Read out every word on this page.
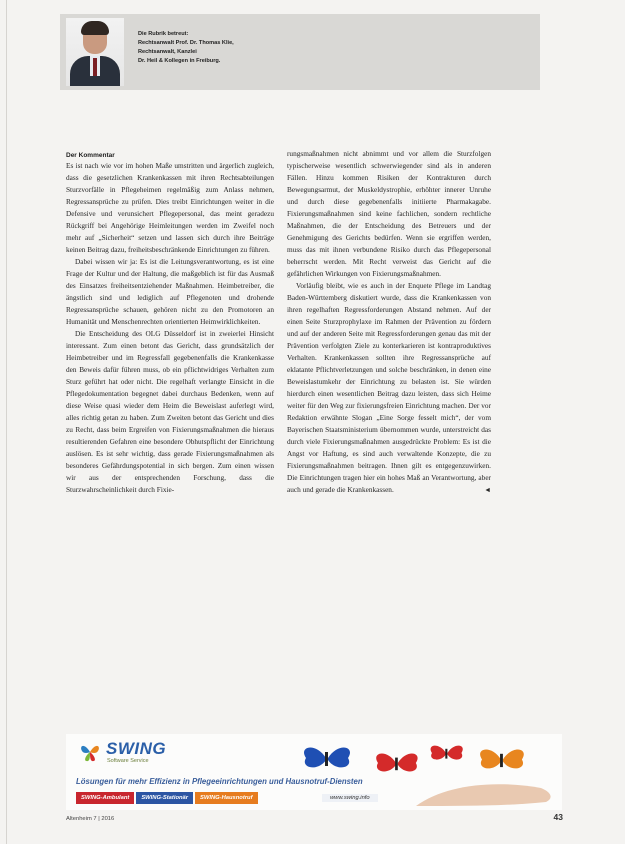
Die Rubrik betreut:
Rechtsanwalt Prof. Dr. Thomas Klie,
Rechtsanwalt, Kanzlei
Dr. Heil & Kollegen in Freiburg.
Der Kommentar

Es ist nach wie vor im hohen Maße umstritten und ärgerlich zugleich, dass die gesetzlichen Krankenkassen mit ihren Rechtsabteilungen Sturzvorfälle in Pflegeheimen regelmäßig zum Anlass nehmen, Regressansprüche zu prüfen. Dies treibt Einrichtungen weiter in die Defensive und verunsichert Pflegepersonal, das meint geradezu Rückgriff bei Angehörige Heimleitungen werden im Zweifel noch mehr auf „Sicherheit“ setzen und lassen sich durch ihre Beiträge keinen Beitrag dazu, freiheitsbeschränkende Einrichtungen zu führen.

Dabei wissen wir ja: Es ist die Leitungsverantwortung, es ist eine Frage der Kultur und der Haltung, die maßgeblich ist für das Ausmaß des Einsatzes freiheitsentziehender Maßnahmen. Heimbetreiber, die ängstlich sind und lediglich auf Pflegenoten und drohende Regressansprüche schauen, gehören nicht zu den Promotoren an Humanität und Menschenrechten orientierten Heimwirklichkeiten.

Die Entscheidung des OLG Düsseldorf ist in zweierlei Hinsicht interessant. Zum einen betont das Gericht, dass grundsätzlich der Heimbetreiber und im Regressfall gegebenenfalls die Krankenkasse den Beweis dafür führen muss, ob ein pflichtwidriges Verhalten zum Sturz geführt hat oder nicht. Die regelhaft verlangte Einsicht in die Pflegedokumentation begegnet dabei durchaus Bedenken, wenn auf diese Weise quasi wieder dem Heim die Beweislast auferlegt wird, alles richtig getan zu haben. Zum Zweiten betont das Gericht und dies zu Recht, dass beim Ergreifen von Fixierungsmaßnahmen die hieraus resultierenden Gefahren eine besondere Obhutspflicht der Einrichtung auslösen. Es ist sehr wichtig, dass gerade Fixierungsmaßnahmen als besonderes Gefährdungspotential in sich bergen. Zum einen wissen wir aus der entsprechenden Forschung, dass die Sturzwahrscheinlichkeit durch Fixie-

rungsmaßnahmen nicht abnimmt und vor allem die Sturzfolgen typischerweise wesentlich schwerwiegender sind als in anderen Fällen. Hinzu kommen Risiken der Kontrakturen durch Bewegungsarmut, der Muskeldystrophie, erhöhter innerer Unruhe und durch diese gegebenenfalls initiierte Pharmakagabe. Fixierungsmaßnahmen sind keine fachlichen, sondern rechtliche Maßnahmen, die der Entscheidung des Betreuers und der Genehmigung des Gerichts bedürfen. Wenn sie ergriffen werden, muss das mit ihnen verbundene Risiko durch das Pflegepersonal beherrscht werden. Mit Recht verweist das Gericht auf die gefährlichen Wirkungen von Fixierungsmaßnahmen.

Vorläufig bleibt, wie es auch in der Enquete Pflege im Landtag Baden-Württemberg diskutiert wurde, dass die Krankenkassen von ihren regelhaften Regressforderungen Abstand nehmen. Auf der einen Seite Sturzprophylaxe im Rahmen der Prävention zu fördern und auf der anderen Seite mit Regressforderungen genau das mit der Prävention verfolgten Ziele zu konterkarieren ist kontraproduktives Verhalten. Krankenkassen sollten ihre Regressansprüche auf eklatante Pflichtverletzungen und solche beschränken, in denen eine Beweislastumkehr der Einrichtung zu belasten ist. Sie würden hierdurch einen wesentlichen Beitrag dazu leisten, dass sich Heime weiter für den Weg zur fixierungsfreien Einrichtung machen. Der vor Redaktion erwähnte Slogan „Eine Sorge fesselt mich“, der vom Bayerischen Staatsministerium übernommen wurde, unterstreicht das durch viele Fixierungsmaßnahmen ausgedrückte Problem: Es ist die Angst vor Haftung, es sind auch verwaltende Konzepte, die zu Fixierungsmaßnahmen beitragen. Ihnen gilt es entgegenzuwirken. Die Einrichtungen tragen hier ein hohes Maß an Verantwortung, aber auch und gerade die Krankenkassen.	◄

SWING
Software Service
Lösungen für mehr Effizienz in Pflegeeinrichtungen und Hausnotruf-Diensten
SWING-Ambulant	SWING-Stationär	SWING-Hausnotruf	www.swing.info
Altenheim 7 | 2016	43
